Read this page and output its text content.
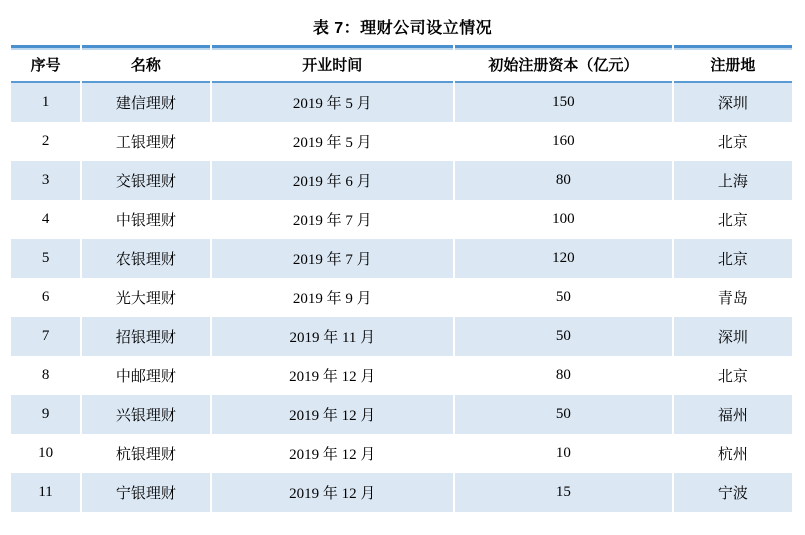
表 7：理财公司设立情况
序号	名称	开业时间	初始注册资本（亿元）	注册地
1	建信理财	2019 年 5 月	150	深圳
2	工银理财	2019 年 5 月	160	北京
3	交银理财	2019 年 6 月	80	上海
4	中银理财	2019 年 7 月	100	北京
5	农银理财	2019 年 7 月	120	北京
6	光大理财	2019 年 9 月	50	青岛
7	招银理财	2019 年 11 月	50	深圳
8	中邮理财	2019 年 12 月	80	北京
9	兴银理财	2019 年 12 月	50	福州
10	杭银理财	2019 年 12 月	10	杭州
11	宁银理财	2019 年 12 月	15	宁波
